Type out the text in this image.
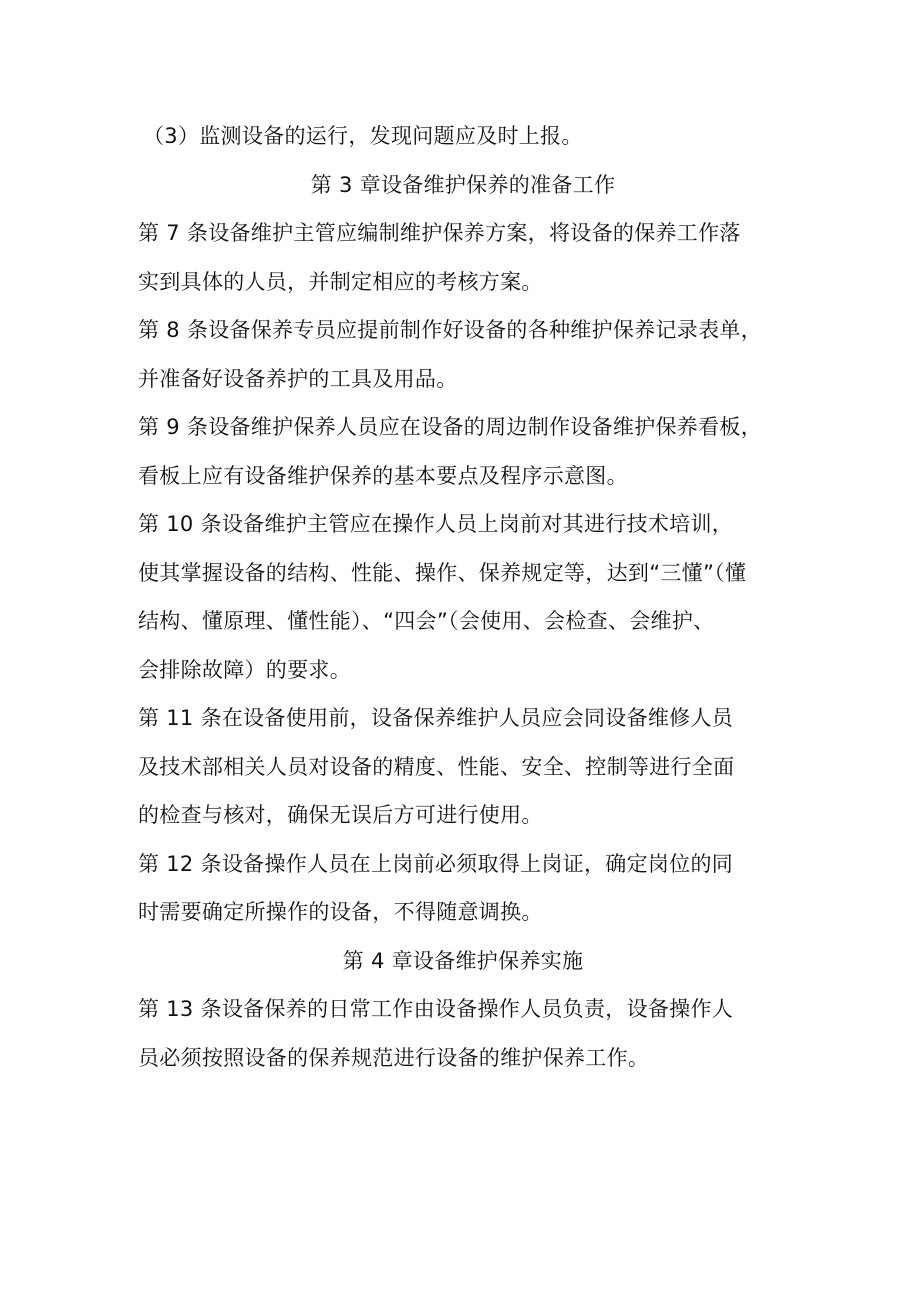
（3）监测设备的运行，发现问题应及时上报。
第 3 章设备维护保养的准备工作
第 7 条设备维护主管应编制维护保养方案，将设备的保养工作落
实到具体的人员，并制定相应的考核方案。
第 8 条设备保养专员应提前制作好设备的各种维护保养记录表单，
并准备好设备养护的工具及用品。
第 9 条设备维护保养人员应在设备的周边制作设备维护保养看板，
看板上应有设备维护保养的基本要点及程序示意图。
第 10 条设备维护主管应在操作人员上岗前对其进行技术培训，
使其掌握设备的结构、性能、操作、保养规定等，达到“三懂”（懂
结构、懂原理、懂性能）、“四会”（会使用、会检查、会维护、
会排除故障）的要求。
第 11 条在设备使用前，设备保养维护人员应会同设备维修人员
及技术部相关人员对设备的精度、性能、安全、控制等进行全面
的检查与核对，确保无误后方可进行使用。
第 12 条设备操作人员在上岗前必须取得上岗证，确定岗位的同
时需要确定所操作的设备，不得随意调换。
第 4 章设备维护保养实施
第 13 条设备保养的日常工作由设备操作人员负责，设备操作人
员必须按照设备的保养规范进行设备的维护保养工作。
